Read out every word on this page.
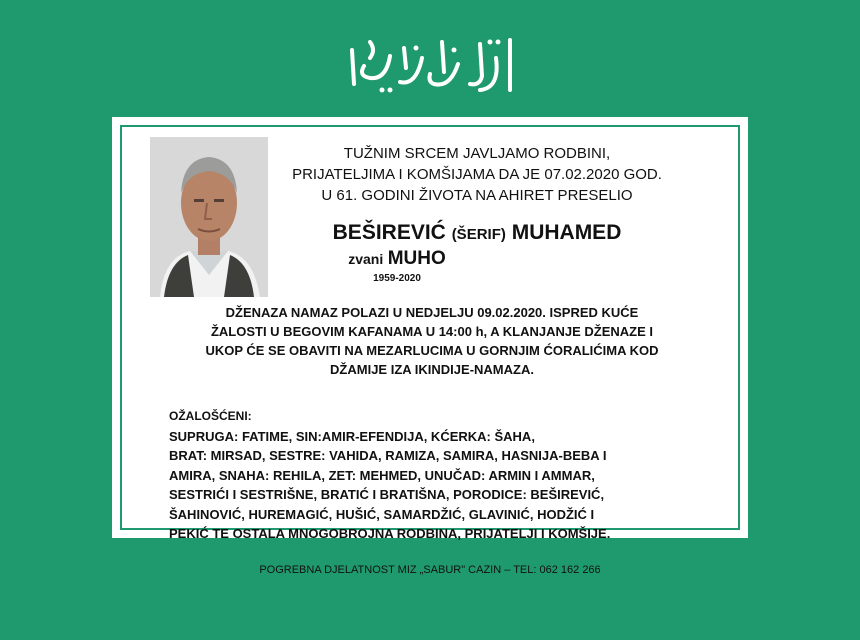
TUŽNIM SRCEM JAVLJAMO RODBINI,
PRIJATELJIMA I KOMŠIJAMA DA JE 07.02.2020 GOD.
U 61. GODINI ŽIVOTA NA AHIRET PRESELIO
BEŠIREVIĆ (ŠERIF) MUHAMED
zvani MUHO
1959-2020
DŽENAZA NAMAZ POLAZI U NEDJELJU 09.02.2020. ISPRED KUĆE
ŽALOSTI U BEGOVIM KAFANAMA U 14:00 h, A KLANJANJE DŽENAZE I
UKOP ĆE SE OBAVITI NA MEZARLUCIMA U GORNJIM ĆORALIĆIMA KOD
DŽAMIJE IZA IKINDIJE-NAMAZA.
OŽALOŠĆENI:
SUPRUGA: FATIME, SIN:AMIR-EFENDIJA, KĆERKA: ŠAHA,
BRAT: MIRSAD, SESTRE: VAHIDA, RAMIZA, SAMIRA, HASNIJA-BEBA I
AMIRA, SNAHA: REHILA, ZET: MEHMED, UNUČAD: ARMIN I AMMAR,
SESTRIĆI I SESTRIŠNE, BRATIĆ I BRATIŠNA, PORODICE: BEŠIREVIĆ,
ŠAHINOVIĆ, HUREMAGIĆ, HUŠIĆ, SAMARDŽIĆ, GLAVINIĆ, HODŽIĆ I
PEKIĆ TE OSTALA MNOGOBROJNA RODBINA, PRIJATELJI I KOMŠIJE.
POGREBNA DJELATNOST MIZ „SABUR" CAZIN – TEL: 062 162 266
